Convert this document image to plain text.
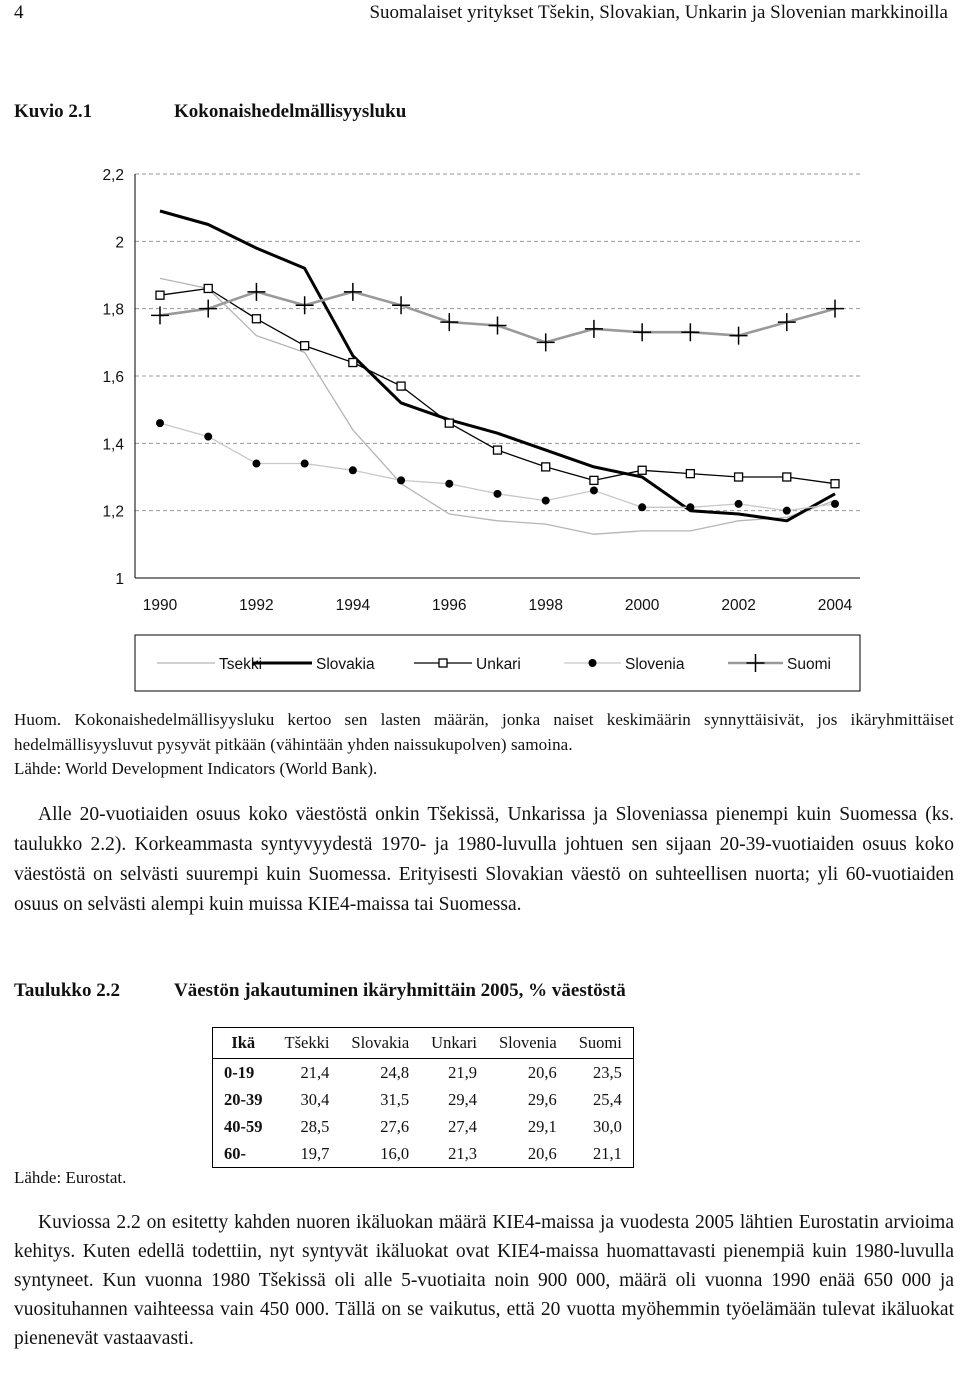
4	Suomalaiset yritykset Tšekin, Slovakian, Unkarin ja Slovenian markkinoilla
Kuvio 2.1	Kokonaishedelmällisyysluku
1
1,2
1,4
1,6
1,8
2
2,2
1990	1992	1994	1996	1998	2000	2002	2004
Tsekki	Slovakia	Unkari	Slovenia	Suomi
Huom. Kokonaishedelmällisyysluku kertoo sen lasten määrän, jonka naiset keskimäärin synnyttäisivät, jos ikäryhmittäiset hedelmällisyysluvut pysyvät pitkään (vähintään yhden naissukupolven) samoina.
Lähde: World Development Indicators (World Bank).
Alle 20-vuotiaiden osuus koko väestöstä onkin Tšekissä, Unkarissa ja Sloveniassa pienempi kuin Suomessa (ks. taulukko 2.2). Korkeammasta syntyvyydestä 1970- ja 1980-luvulla johtuen sen sijaan 20-39-vuotiaiden osuus koko väestöstä on selvästi suurempi kuin Suomessa. Erityisesti Slovakian väestö on suhteellisen nuorta; yli 60-vuotiaiden osuus on selvästi alempi kuin muissa KIE4-maissa tai Suomessa.
Taulukko 2.2	Väestön jakautuminen ikäryhmittäin 2005, % väestöstä
Ikä	Tšekki	Slovakia	Unkari	Slovenia	Suomi
0-19	21,4	24,8	21,9	20,6	23,5
20-39	30,4	31,5	29,4	29,6	25,4
40-59	28,5	27,6	27,4	29,1	30,0
60-	19,7	16,0	21,3	20,6	21,1
Lähde: Eurostat.
Kuviossa 2.2 on esitetty kahden nuoren ikäluokan määrä KIE4-maissa ja vuodesta 2005 lähtien Eurostatin arvioima kehitys. Kuten edellä todettiin, nyt syntyvät ikäluokat ovat KIE4-maissa huomattavasti pienempiä kuin 1980-luvulla syntyneet. Kun vuonna 1980 Tšekissä oli alle 5-vuotiaita noin 900 000, määrä oli vuonna 1990 enää 650 000 ja vuosituhannen vaihteessa vain 450 000. Tällä on se vaikutus, että 20 vuotta myöhemmin työelämään tulevat ikäluokat pienenevät vastaavasti.
